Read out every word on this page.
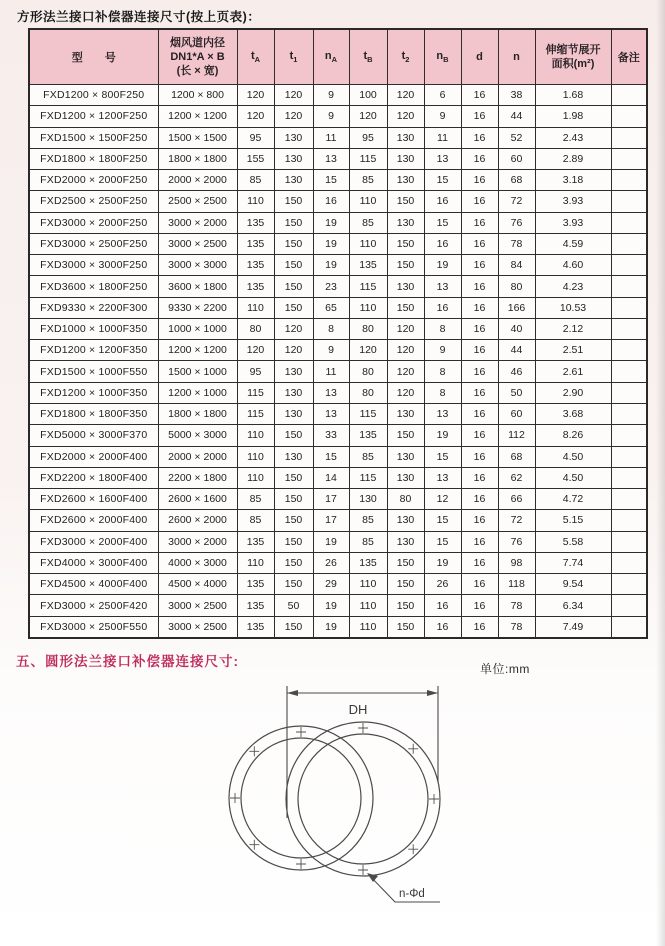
方形法兰接口补偿器连接尺寸(按上页表)：
型　　号	烟风道内径
DN1*A × B
(长 × 宽)	$t_A$	$t_1$	$n_A$	$t_B$	$t_2$	$n_B$	d	n	伸缩节展开
面积(m²)	备注
FXD1200 × 800F250	1200 × 800	120	120	9	100	120	6	16	38	1.68	
FXD1200 × 1200F250	1200 × 1200	120	120	9	120	120	9	16	44	1.98	
FXD1500 × 1500F250	1500 × 1500	95	130	11	95	130	11	16	52	2.43	
FXD1800 × 1800F250	1800 × 1800	155	130	13	115	130	13	16	60	2.89	
FXD2000 × 2000F250	2000 × 2000	85	130	15	85	130	15	16	68	3.18	
FXD2500 × 2500F250	2500 × 2500	110	150	16	110	150	16	16	72	3.93	
FXD3000 × 2000F250	3000 × 2000	135	150	19	85	130	15	16	76	3.93	
FXD3000 × 2500F250	3000 × 2500	135	150	19	110	150	16	16	78	4.59	
FXD3000 × 3000F250	3000 × 3000	135	150	19	135	150	19	16	84	4.60	
FXD3600 × 1800F250	3600 × 1800	135	150	23	115	130	13	16	80	4.23	
FXD9330 × 2200F300	9330 × 2200	110	150	65	110	150	16	16	166	10.53	
FXD1000 × 1000F350	1000 × 1000	80	120	8	80	120	8	16	40	2.12	
FXD1200 × 1200F350	1200 × 1200	120	120	9	120	120	9	16	44	2.51	
FXD1500 × 1000F550	1500 × 1000	95	130	11	80	120	8	16	46	2.61	
FXD1200 × 1000F350	1200 × 1000	115	130	13	80	120	8	16	50	2.90	
FXD1800 × 1800F350	1800 × 1800	115	130	13	115	130	13	16	60	3.68	
FXD5000 × 3000F370	5000 × 3000	110	150	33	135	150	19	16	112	8.26	
FXD2000 × 2000F400	2000 × 2000	110	130	15	85	130	15	16	68	4.50	
FXD2200 × 1800F400	2200 × 1800	110	150	14	115	130	13	16	62	4.50	
FXD2600 × 1600F400	2600 × 1600	85	150	17	130	80	12	16	66	4.72	
FXD2600 × 2000F400	2600 × 2000	85	150	17	85	130	15	16	72	5.15	
FXD3000 × 2000F400	3000 × 2000	135	150	19	85	130	15	16	76	5.58	
FXD4000 × 3000F400	4000 × 3000	110	150	26	135	150	19	16	98	7.74	
FXD4500 × 4000F400	4500 × 4000	135	150	29	110	150	26	16	118	9.54	
FXD3000 × 2500F420	3000 × 2500	135	50	19	110	150	16	16	78	6.34	
FXD3000 × 2500F550	3000 × 2500	135	150	19	110	150	16	16	78	7.49	
五、圆形法兰接口补偿器连接尺寸:	单位:mm
DH
n-Φd
